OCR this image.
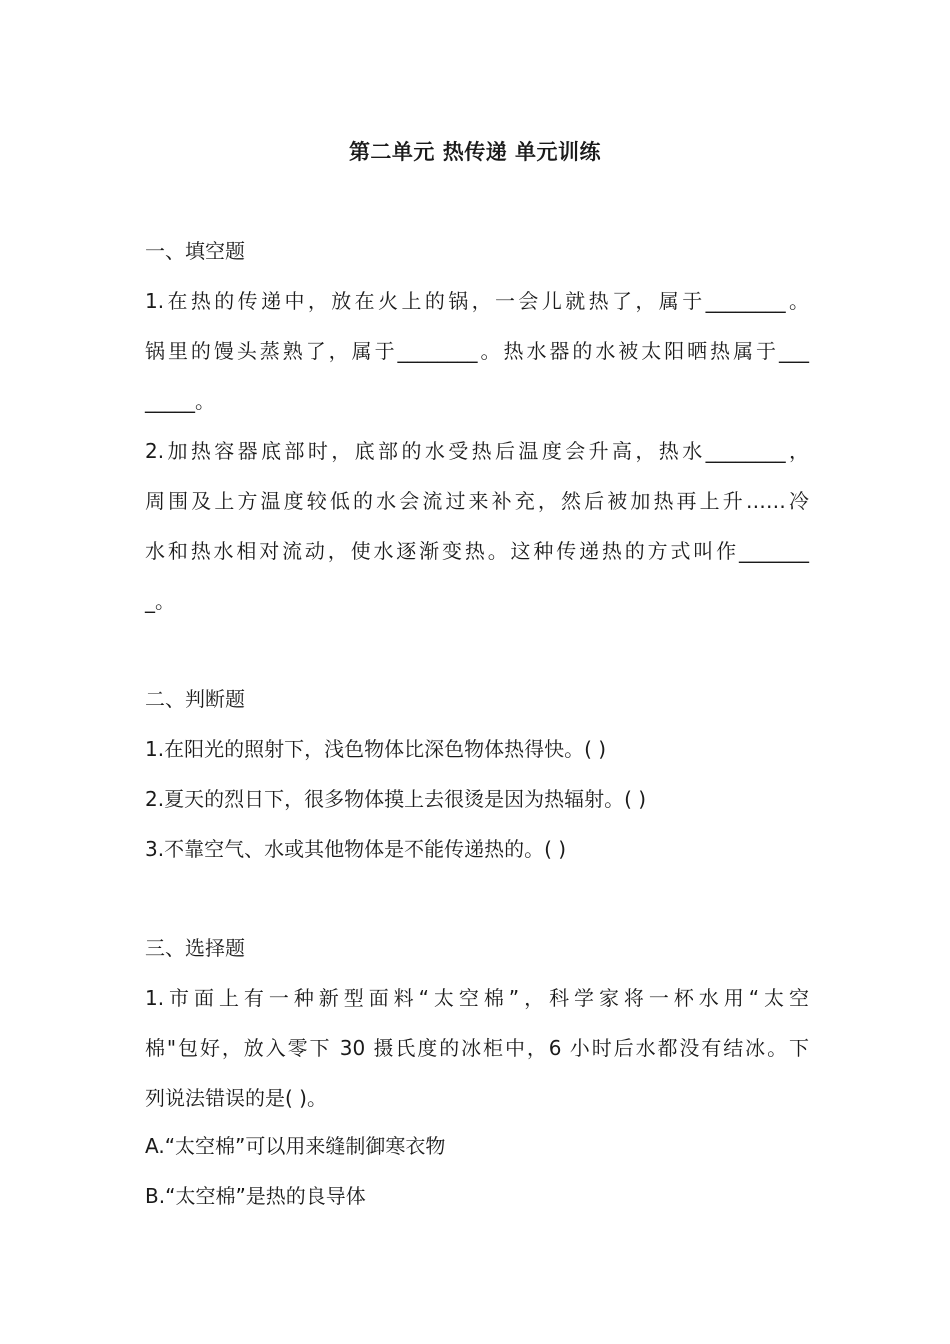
第二单元 热传递 单元训练
一、填空题
1.在热的传递中，放在火上的锅，一会儿就热了，属于________。
锅里的馒头蒸熟了，属于________。热水器的水被太阳晒热属于___
_____。
2.加热容器底部时，底部的水受热后温度会升高，热水________，
周围及上方温度较低的水会流过来补充，然后被加热再上升……冷
水和热水相对流动，使水逐渐变热。这种传递热的方式叫作_______
_。
二、判断题
1.在阳光的照射下，浅色物体比深色物体热得快。( )
2.夏天的烈日下，很多物体摸上去很烫是因为热辐射。( )
3.不靠空气、水或其他物体是不能传递热的。( )
三、选择题
1.市面上有一种新型面料“太空棉”，科学家将一杯水用“太空
棉"包好，放入零下 30 摄氏度的冰柜中，6 小时后水都没有结冰。下
列说法错误的是( )。
A.“太空棉”可以用来缝制御寒衣物
B.“太空棉”是热的良导体
